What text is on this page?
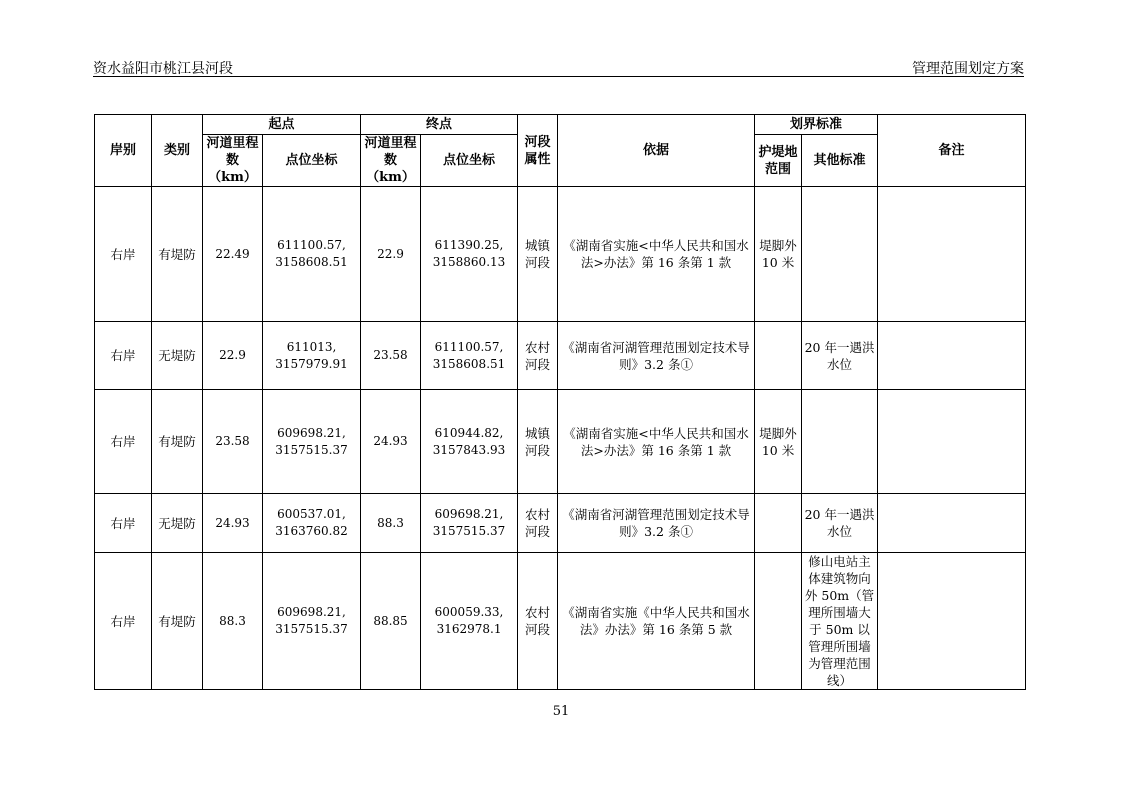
资水益阳市桃江县河段	管理范围划定方案
岸别	类别	起点		终点		河段属性	依据	划界标准		备注
		河道里程数（km）	点位坐标	河道里程数（km）	点位坐标			护堤地范围	其他标准	
右岸	有堤防	22.49	611100.57, 3158608.51	22.9	611390.25, 3158860.13	城镇河段	《湖南省实施<中华人民共和国水法>办法》第 16 条第 1 款	堤脚外 10 米		
右岸	无堤防	22.9	611013, 3157979.91	23.58	611100.57, 3158608.51	农村河段	《湖南省河湖管理范围划定技术导则》3.2 条①		20 年一遇洪水位	
右岸	有堤防	23.58	609698.21, 3157515.37	24.93	610944.82, 3157843.93	城镇河段	《湖南省实施<中华人民共和国水法>办法》第 16 条第 1 款	堤脚外 10 米		
右岸	无堤防	24.93	600537.01, 3163760.82	88.3	609698.21, 3157515.37	农村河段	《湖南省河湖管理范围划定技术导则》3.2 条①		20 年一遇洪水位	
右岸	有堤防	88.3	609698.21, 3157515.37	88.85	600059.33, 3162978.1	农村河段	《湖南省实施《中华人民共和国水法》办法》第 16 条第 5 款		修山电站主体建筑物向外 50m（管理所围墙大于 50m 以管理所围墙为管理范围线）	
51
